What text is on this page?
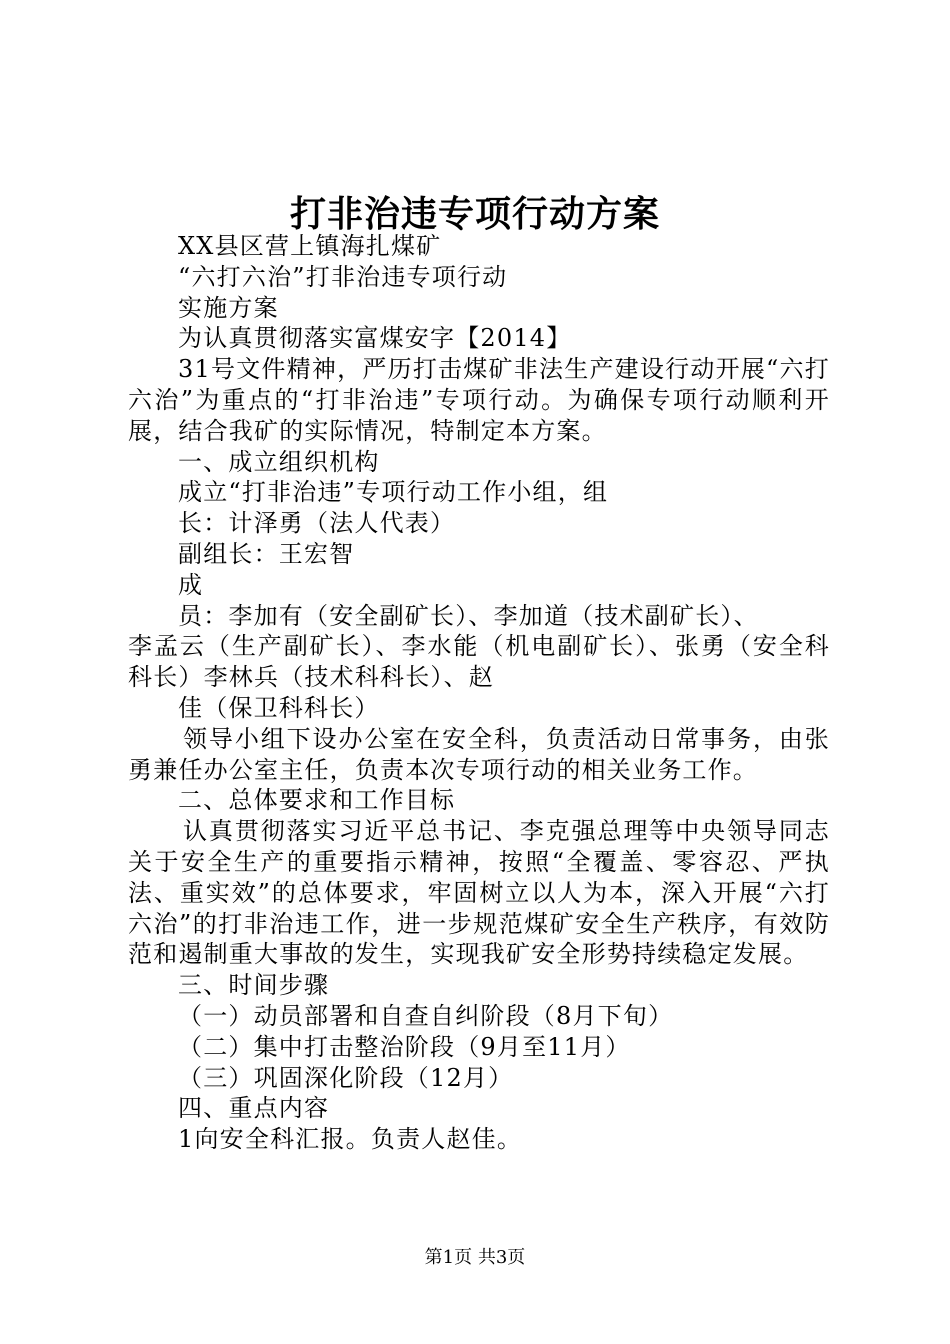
打非治违专项行动方案

XX县区营上镇海扎煤矿

“六打六治”打非治违专项行动

实施方案

为认真贯彻落实富煤安字【2014】

31号文件精神，严历打击煤矿非法生产建设行动开展“六打六治”为重点的“打非治违”专项行动。为确保专项行动顺利开展，结合我矿的实际情况，特制定本方案。

一、成立组织机构

成立“打非治违”专项行动工作小组，组

长：计泽勇（法人代表）

副组长：王宏智

成

员：李加有（安全副矿长）、李加道（技术副矿长）、

李孟云（生产副矿长）、李水能（机电副矿长）、张勇（安全科科长）李林兵（技术科科长）、赵

佳（保卫科科长）

领导小组下设办公室在安全科，负责活动日常事务，由张勇兼任办公室主任，负责本次专项行动的相关业务工作。

二、总体要求和工作目标

认真贯彻落实习近平总书记、李克强总理等中央领导同志关于安全生产的重要指示精神，按照“全覆盖、零容忍、严执法、重实效”的总体要求，牢固树立以人为本，深入开展“六打六治”的打非治违工作，进一步规范煤矿安全生产秩序，有效防范和遏制重大事故的发生，实现我矿安全形势持续稳定发展。

三、时间步骤

（一）动员部署和自查自纠阶段（8月下旬）

（二）集中打击整治阶段（9月至11月）

（三）巩固深化阶段（12月）

四、重点内容

1向安全科汇报。负责人赵佳。

第1页 共3页
